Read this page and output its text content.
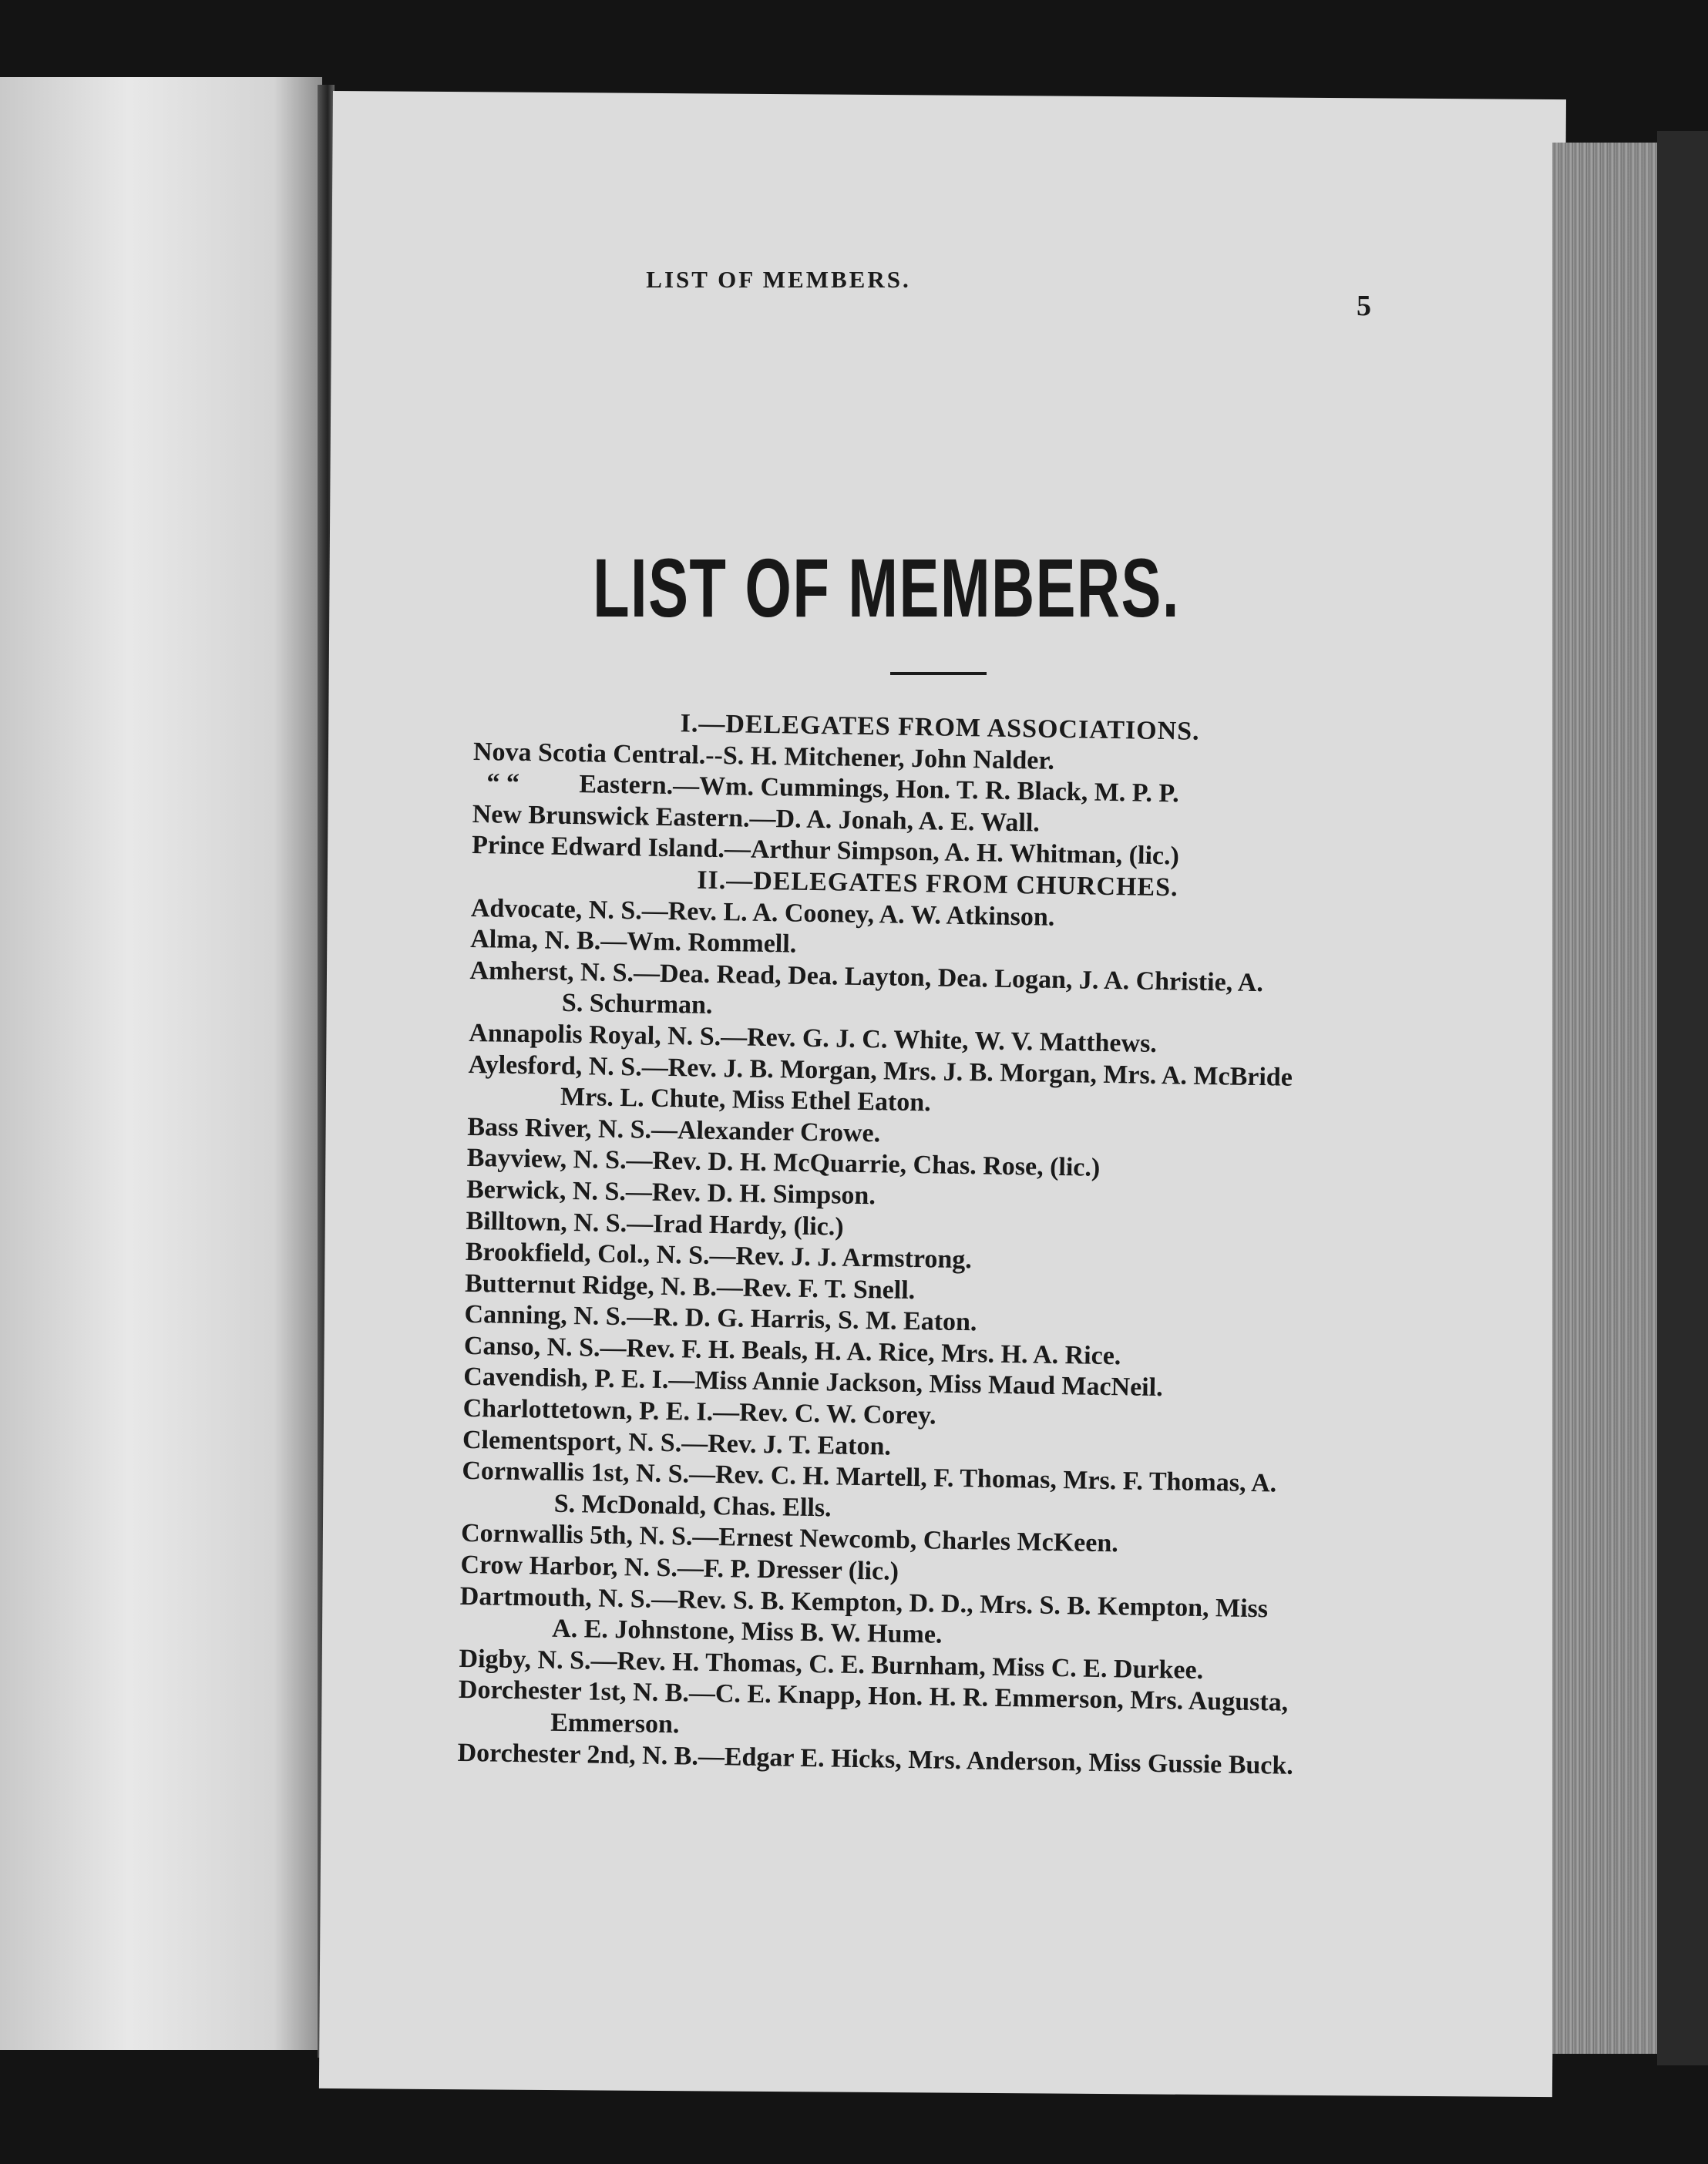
LIST OF MEMBERS.
5
LIST OF MEMBERS.
I.—DELEGATES FROM ASSOCIATIONS.
Nova Scotia Central.--S. H. Mitchener, John Nalder.
“ “ Eastern.—Wm. Cummings, Hon. T. R. Black, M. P. P.
New Brunswick Eastern.—D. A. Jonah, A. E. Wall.
Prince Edward Island.—Arthur Simpson, A. H. Whitman, (lic.)
II.—DELEGATES FROM CHURCHES.
Advocate, N. S.—Rev. L. A. Cooney, A. W. Atkinson.
Alma, N. B.—Wm. Rommell.
Amherst, N. S.—Dea. Read, Dea. Layton, Dea. Logan, J. A. Christie, A.
S. Schurman.
Annapolis Royal, N. S.—Rev. G. J. C. White, W. V. Matthews.
Aylesford, N. S.—Rev. J. B. Morgan, Mrs. J. B. Morgan, Mrs. A. McBride
Mrs. L. Chute, Miss Ethel Eaton.
Bass River, N. S.—Alexander Crowe.
Bayview, N. S.—Rev. D. H. McQuarrie, Chas. Rose, (lic.)
Berwick, N. S.—Rev. D. H. Simpson.
Billtown, N. S.—Irad Hardy, (lic.)
Brookfield, Col., N. S.—Rev. J. J. Armstrong.
Butternut Ridge, N. B.—Rev. F. T. Snell.
Canning, N. S.—R. D. G. Harris, S. M. Eaton.
Canso, N. S.—Rev. F. H. Beals, H. A. Rice, Mrs. H. A. Rice.
Cavendish, P. E. I.—Miss Annie Jackson, Miss Maud MacNeil.
Charlottetown, P. E. I.—Rev. C. W. Corey.
Clementsport, N. S.—Rev. J. T. Eaton.
Cornwallis 1st, N. S.—Rev. C. H. Martell, F. Thomas, Mrs. F. Thomas, A.
S. McDonald, Chas. Ells.
Cornwallis 5th, N. S.—Ernest Newcomb, Charles McKeen.
Crow Harbor, N. S.—F. P. Dresser (lic.)
Dartmouth, N. S.—Rev. S. B. Kempton, D. D., Mrs. S. B. Kempton, Miss
A. E. Johnstone, Miss B. W. Hume.
Digby, N. S.—Rev. H. Thomas, C. E. Burnham, Miss C. E. Durkee.
Dorchester 1st, N. B.—C. E. Knapp, Hon. H. R. Emmerson, Mrs. Augusta,
Emmerson.
Dorchester 2nd, N. B.—Edgar E. Hicks, Mrs. Anderson, Miss Gussie Buck.
